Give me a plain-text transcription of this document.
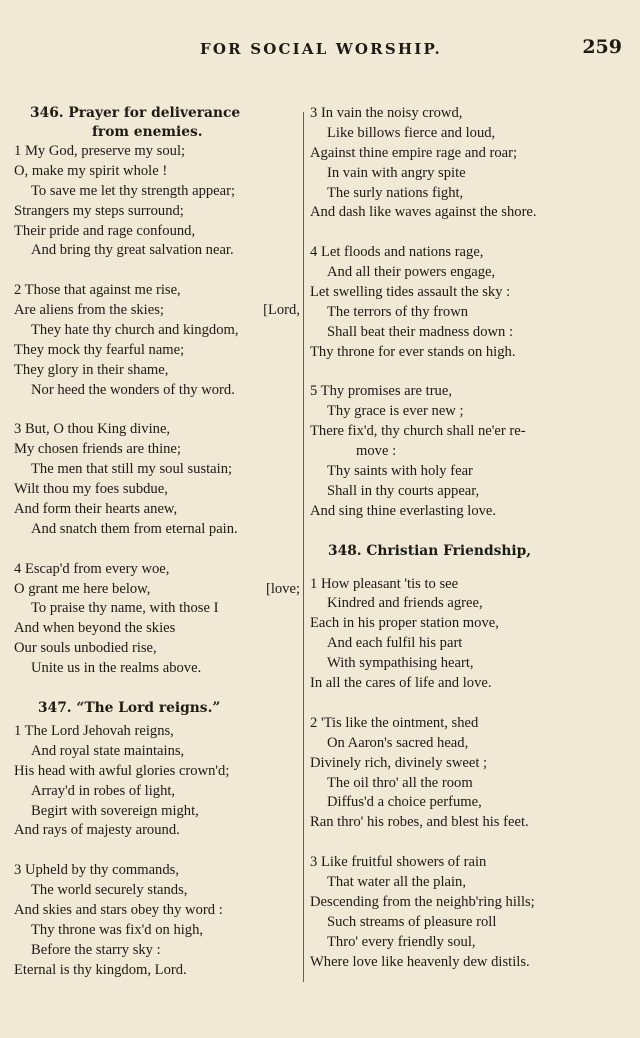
FOR SOCIAL WORSHIP.	259
346. Prayer for deliverance
from enemies.
1 My God, preserve my soul;
O, make my spirit whole !
To save me let thy strength appear;
Strangers my steps surround;
Their pride and rage confound,
And bring thy great salvation near.
2 Those that against me rise,
Are aliens from the skies;	[Lord,
They hate thy church and kingdom,
They mock thy fearful name;
They glory in their shame,
Nor heed the wonders of thy word.
3 But, O thou King divine,
My chosen friends are thine;
The men that still my soul sustain;
Wilt thou my foes subdue,
And form their hearts anew,
And snatch them from eternal pain.
4 Escap'd from every woe,
O grant me here below,	[love;
To praise thy name, with those I
And when beyond the skies
Our souls unbodied rise,
Unite us in the realms above.
347. “The Lord reigns.”
1 The Lord Jehovah reigns,
And royal state maintains,
His head with awful glories crown'd;
Array'd in robes of light,
Begirt with sovereign might,
And rays of majesty around.
3 Upheld by thy commands,
The world securely stands,
And skies and stars obey thy word :
Thy throne was fix'd on high,
Before the starry sky :
Eternal is thy kingdom, Lord.
3 In vain the noisy crowd,
Like billows fierce and loud,
Against thine empire rage and roar;
In vain with angry spite
The surly nations fight,
And dash like waves against the shore.
4 Let floods and nations rage,
And all their powers engage,
Let swelling tides assault the sky :
The terrors of thy frown
Shall beat their madness down :
Thy throne for ever stands on high.
5 Thy promises are true,
Thy grace is ever new ;
There fix'd, thy church shall ne'er re-
move :
Thy saints with holy fear
Shall in thy courts appear,
And sing thine everlasting love.
348. Christian Friendship,
1 How pleasant 'tis to see
Kindred and friends agree,
Each in his proper station move,
And each fulfil his part
With sympathising heart,
In all the cares of life and love.
2 'Tis like the ointment, shed
On Aaron's sacred head,
Divinely rich, divinely sweet ;
The oil thro' all the room
Diffus'd a choice perfume,
Ran thro' his robes, and blest his feet.
3 Like fruitful showers of rain
That water all the plain,
Descending from the neighb'ring hills;
Such streams of pleasure roll
Thro' every friendly soul,
Where love like heavenly dew distils.
